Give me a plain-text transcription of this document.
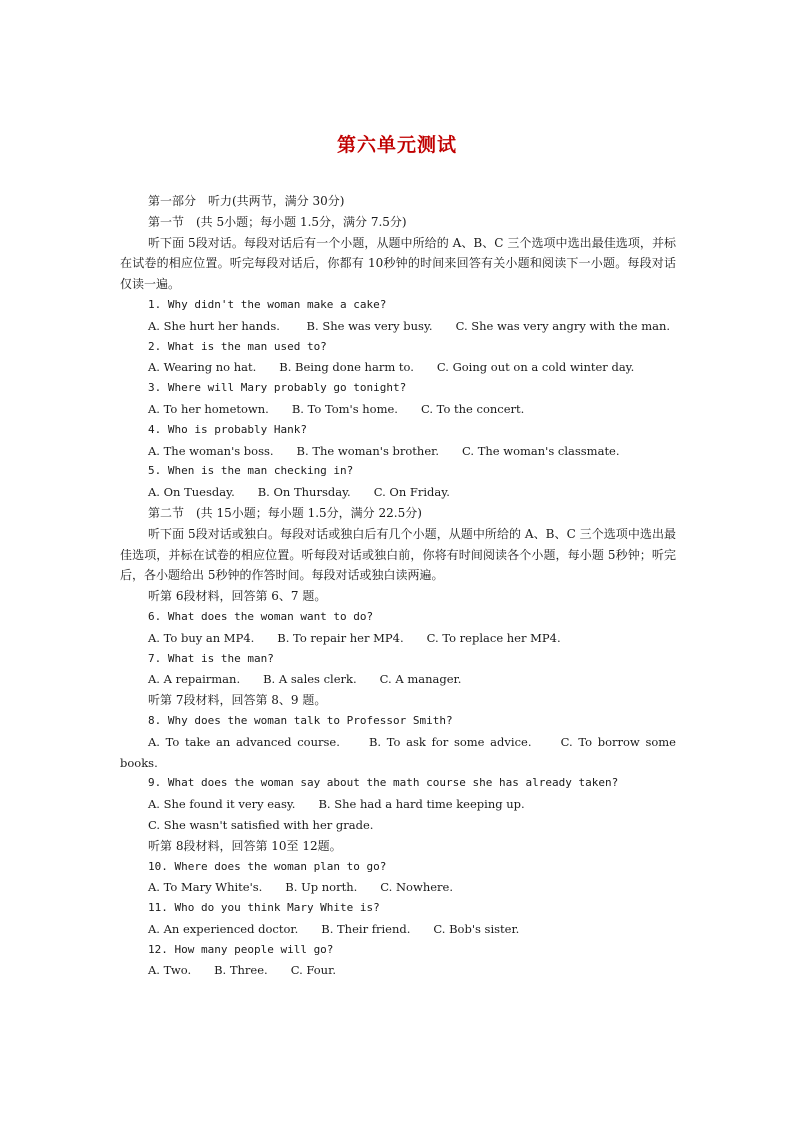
第六单元测试
第一部分　听力(共两节，满分 30分)
第一节　(共 5小题；每小题 1.5分，满分 7.5分)
听下面 5段对话。每段对话后有一个小题，从题中所给的 A、B、C 三个选项中选出最佳选项，并标在试卷的相应位置。听完每段对话后，你都有 10秒钟的时间来回答有关小题和阅读下一小题。每段对话仅读一遍。
1. Why didn't the woman make a cake?
A. She hurt her hands.　　 B. She was very busy.　　C. She was very angry with the man.
2. What is the man used to?
A. Wearing no hat.　　B. Being done harm to.　　C. Going out on a cold winter day.
3. Where will Mary probably go tonight?
A. To her hometown.　　B. To Tom's home.　　C. To the concert.
4. Who is probably Hank?
A. The woman's boss.　　B. The woman's brother.　　C. The woman's classmate.
5. When is the man checking in?
A. On Tuesday.　　B. On Thursday.　　C. On Friday.
第二节　(共 15小题；每小题 1.5分，满分 22.5分)
听下面 5段对话或独白。每段对话或独白后有几个小题，从题中所给的 A、B、C 三个选项中选出最佳选项，并标在试卷的相应位置。听每段对话或独白前，你将有时间阅读各个小题，每小题 5秒钟；听完后，各小题给出 5秒钟的作答时间。每段对话或独白读两遍。
听第 6段材料，回答第 6、7 题。
6. What does the woman want to do?
A. To buy an MP4.　　B. To repair her MP4.　　C. To replace her MP4.
7. What is the man?
A. A repairman.　　B. A sales clerk.　　C. A manager.
听第 7段材料，回答第 8、9 题。
8. Why does the woman talk to Professor Smith?
A. To take an advanced course.　　B. To ask for some advice.　　C. To borrow some books.
9. What does the woman say about the math course she has already taken?
A. She found it very easy.　　B. She had a hard time keeping up.
C. She wasn't satisfied with her grade.
听第 8段材料，回答第 10至 12题。
10. Where does the woman plan to go?
A. To Mary White's.　　B. Up north.　　C. Nowhere.
11. Who do you think Mary White is?
A. An experienced doctor.　　B. Their friend.　　C. Bob's sister.
12. How many people will go?
A. Two.　　B. Three.　　C. Four.
